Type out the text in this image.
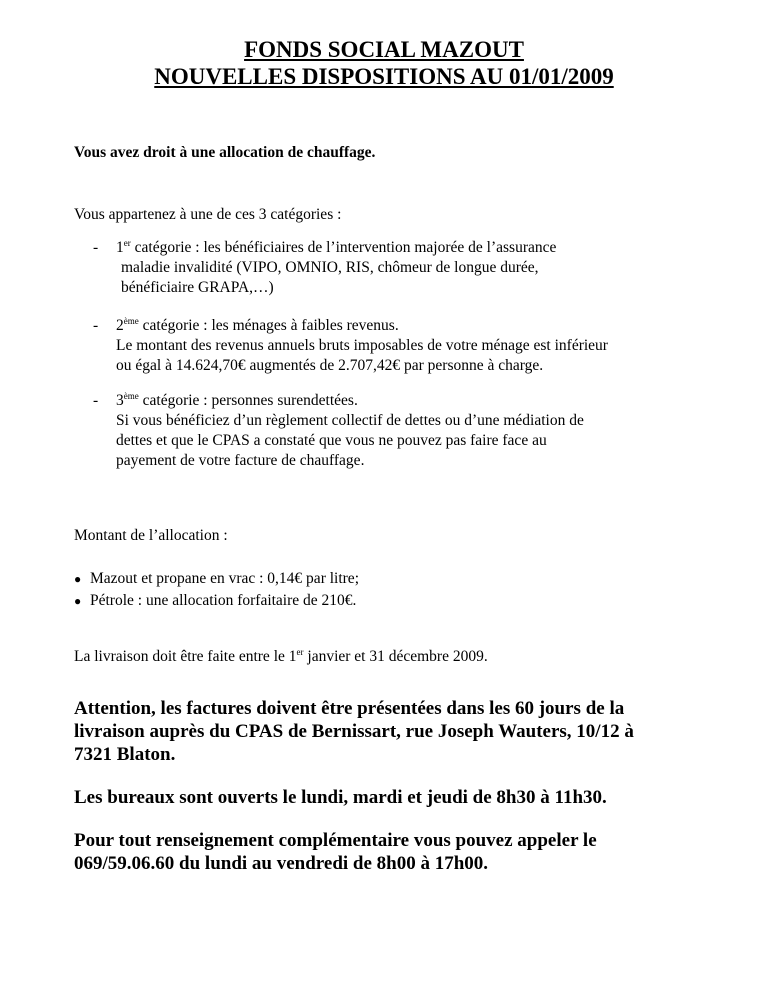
FONDS SOCIAL MAZOUT
NOUVELLES DISPOSITIONS AU 01/01/2009
Vous avez droit à une allocation de chauffage.
Vous appartenez à une de ces 3 catégories :
- 1er catégorie : les bénéficiaires de l’intervention majorée de l’assurance
maladie invalidité (VIPO, OMNIO, RIS, chômeur de longue durée,
bénéficiaire GRAPA,…)
- 2ème catégorie : les ménages à faibles revenus.
Le montant des revenus annuels bruts imposables de votre ménage est inférieur
ou égal à 14.624,70€ augmentés de 2.707,42€ par personne à charge.
- 3ème catégorie : personnes surendettées.
Si vous bénéficiez d’un règlement collectif de dettes ou d’une médiation de
dettes et que le CPAS a constaté que vous ne pouvez pas faire face au
payement de votre facture de chauffage.
Montant de l’allocation :
● Mazout et propane en vrac : 0,14€ par litre;
● Pétrole : une allocation forfaitaire de 210€.
La livraison doit être faite entre le 1er janvier et 31 décembre 2009.
Attention, les factures doivent être présentées dans les 60 jours de la
livraison auprès du CPAS de Bernissart, rue Joseph Wauters, 10/12 à
7321 Blaton.
Les bureaux sont ouverts le lundi, mardi et jeudi de 8h30 à 11h30.
Pour tout renseignement complémentaire vous pouvez appeler le
069/59.06.60 du lundi au vendredi de 8h00 à 17h00.
